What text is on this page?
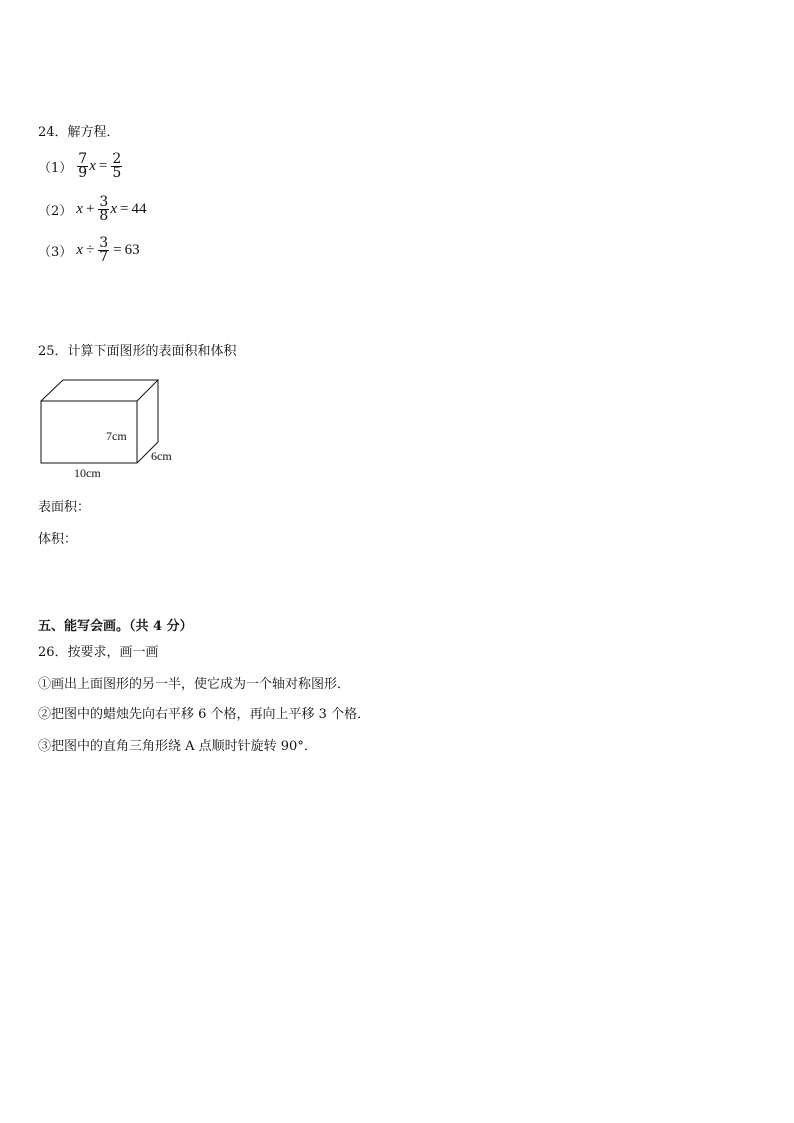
24．解方程．
$(1) \frac{7}{9}$ $x = \frac{2}{5}$
（2） $x + \frac{3}{8}$ x = 44
（3） $x \div \frac{3}{7} = 63$
25．计算下面图形的表面积和体积
7cm
6cm
10cm
表面积：
体积：
五、能写会画。（共 4 分）
26．按要求，画一画
①画出上面图形的另一半，使它成为一个轴对称图形．
②把图中的蜡烛先向右平移 6 个格，再向上平移 3 个格．
③把图中的直角三角形绕 A 点顺时针旋转 90°．
